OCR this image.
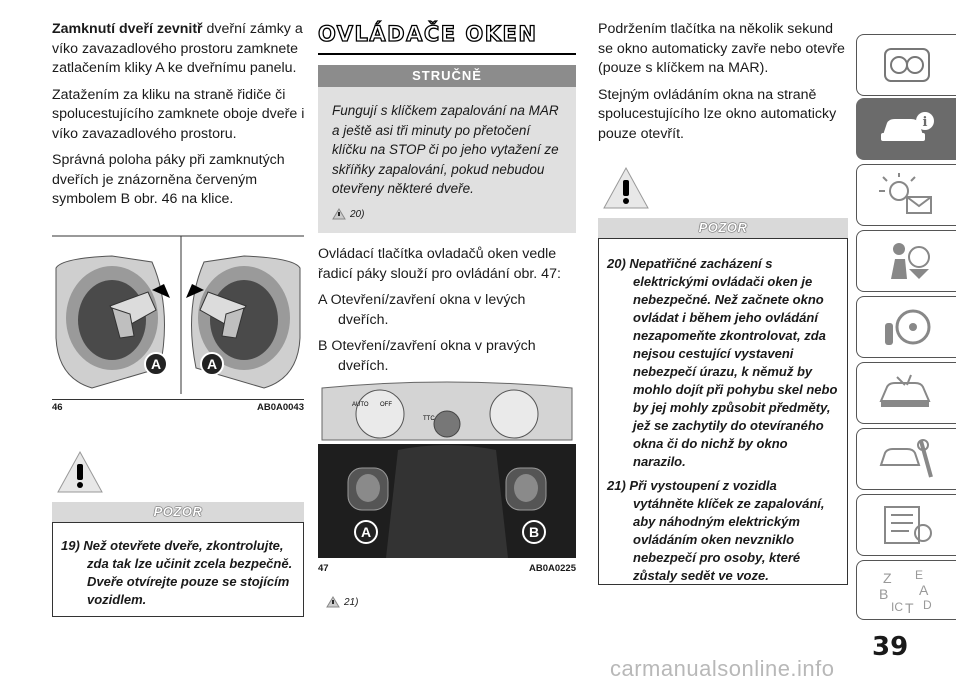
Zamknutí dveří zevnitř dveřní zámky a víko zavazadlového prostoru zamknete zatlačením kliky A ke dveřnímu panelu.

Zatažením za kliku na straně řidiče či spolucestujícího zamknete oboje dveře i víko zavazadlového prostoru.

Správná poloha páky při zamknutých dveřích je znázorněna červeným symbolem B obr. 46 na klice.

A	A
46	AB0A0043
POZOR
19) Než otevřete dveře, zkontrolujte, zda tak lze učinit zcela bezpečně. Dveře otvírejte pouze se stojícím vozidlem.
OVLÁDAČE OKEN
STRUČNĚ
Fungují s klíčkem zapalování na MAR a ještě asi tři minuty po přetočení klíčku na STOP či po jeho vytažení ze skříňky zapalování, pokud nebudou otevřeny některé dveře.
20)

Ovládací tlačítka ovladačů oken vedle řadicí páky slouží pro ovládání obr. 47:

A Otevření/zavření okna v levých dveřích.

B Otevření/zavření okna v pravých dveřích.

AUTO OFF
TTC
A	B
47	AB0A0225
21)

Podržením tlačítka na několik sekund se okno automaticky zavře nebo otevře (pouze s klíčkem na MAR).

Stejným ovládáním okna na straně spolucestujícího lze okno automaticky pouze otevřít.

POZOR
20) Nepatřičné zacházení s elektrickými ovládači oken je nebezpečné. Než začnete okno ovládat i během jeho ovládání nezapomeňte zkontrolovat, zda nejsou cestující vystaveni nebezpečí úrazu, k němuž by mohlo dojít při pohybu skel nebo by jej mohly způsobit předměty, jež se zachytily do otevíraného okna či do nichž by okno narazilo.
21) Při vystoupení z vozidla vytáhněte klíček ze zapalování, aby náhodným elektrickým ovládáním oken nevzniklo nebezpečí pro osoby, které zůstaly sedět ve voze.
i
Z E
B A
IC T D
39
carmanualsonline.info
